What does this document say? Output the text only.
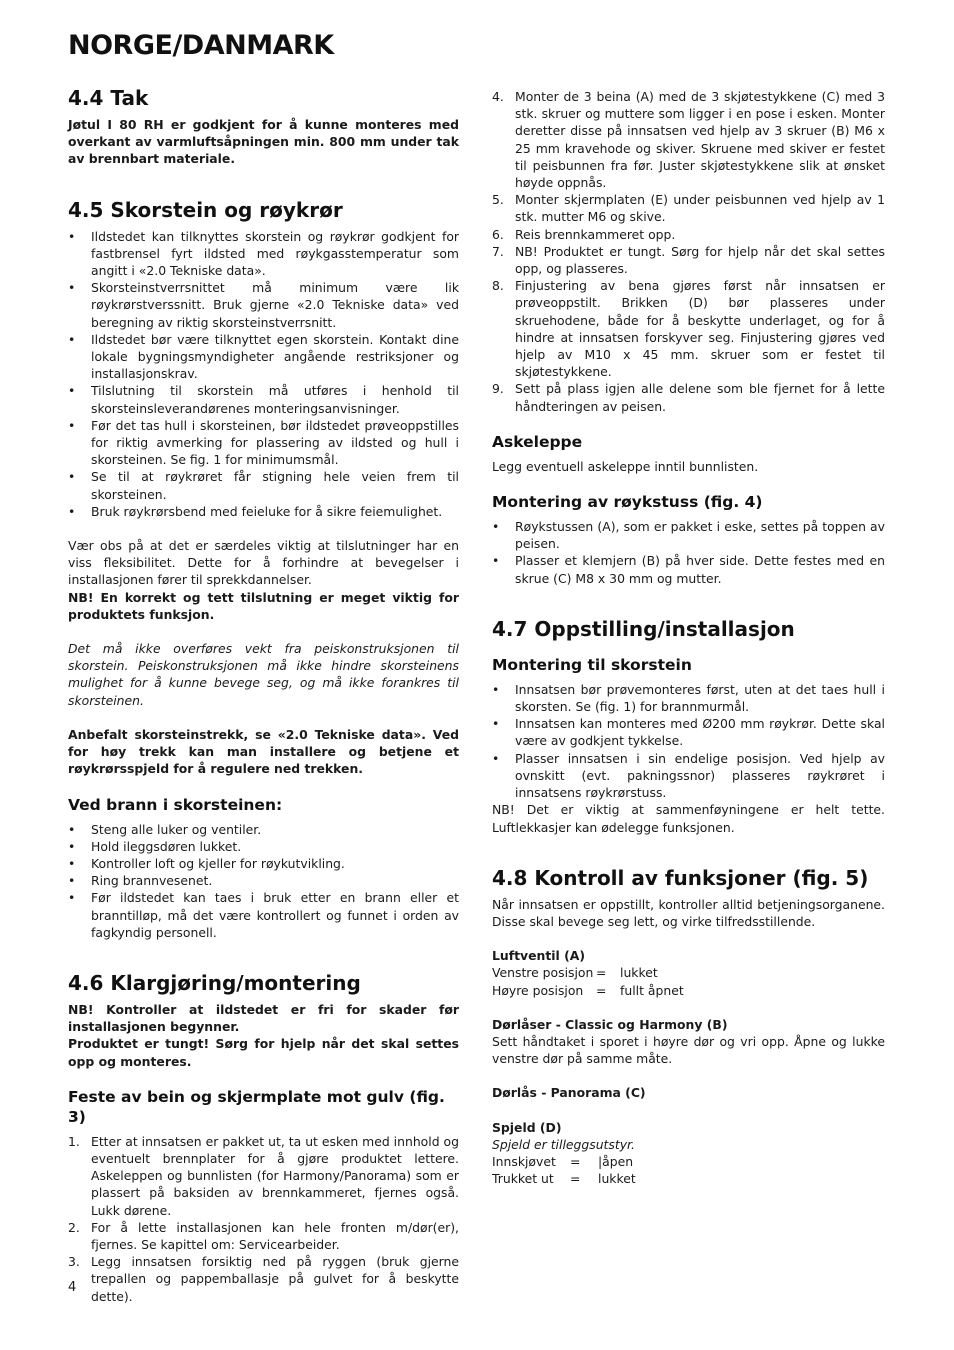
NORGE/DANMARK
4.4 Tak

Jøtul I 80 RH er godkjent for å kunne monteres med overkant av varmluftsåpningen min. 800 mm under tak av brennbart materiale.

4.5 Skorstein og røykrør
• Ildstedet kan tilknyttes skorstein og røykrør godkjent for fastbrensel fyrt ildsted med røykgasstemperatur som angitt i «2.0 Tekniske data».
• Skorsteinstverrsnittet må minimum være lik røykrørstverssnitt. Bruk gjerne «2.0 Tekniske data» ved beregning av riktig skorsteinstverrsnitt.
• Ildstedet bør være tilknyttet egen skorstein. Kontakt dine lokale bygningsmyndigheter angående restriksjoner og installasjonskrav.
• Tilslutning til skorstein må utføres i henhold til skorsteinsleverandørenes monteringsanvisninger.
• Før det tas hull i skorsteinen, bør ildstedet prøveoppstilles for riktig avmerking for plassering av ildsted og hull i skorsteinen. Se fig. 1 for minimumsmål.
• Se til at røykrøret får stigning hele veien frem til skorsteinen.
• Bruk røykrørsbend med feieluke for å sikre feiemulighet.

Vær obs på at det er særdeles viktig at tilslutninger har en viss fleksibilitet. Dette for å forhindre at bevegelser i installasjonen fører til sprekkdannelser.

NB! En korrekt og tett tilslutning er meget viktig for produktets funksjon.

Det må ikke overføres vekt fra peiskonstruksjonen til skorstein. Peiskonstruksjonen må ikke hindre skorsteinens mulighet for å kunne bevege seg, og må ikke forankres til skorsteinen.

Anbefalt skorsteinstrekk, se «2.0 Tekniske data». Ved for høy trekk kan man installere og betjene et røykrørsspjeld for å regulere ned trekken.

Ved brann i skorsteinen:
• Steng alle luker og ventiler.
• Hold ileggsdøren lukket.
• Kontroller loft og kjeller for røykutvikling.
• Ring brannvesenet.
• Før ildstedet kan taes i bruk etter en brann eller et branntilløp, må det være kontrollert og funnet i orden av fagkyndig personell.
4.6 Klargjøring/montering

NB! Kontroller at ildstedet er fri for skader før installasjonen begynner.

Produktet er tungt! Sørg for hjelp når det skal settes opp og monteres.

Feste av bein og skjermplate mot gulv (fig. 3)
1. Etter at innsatsen er pakket ut, ta ut esken med innhold og eventuelt brennplater for å gjøre produktet lettere. Askeleppen og bunnlisten (for Harmony/Panorama) som er plassert på baksiden av brennkammeret, fjernes også. Lukk dørene.
2. For å lette installasjonen kan hele fronten m/dør(er), fjernes. Se kapittel om: Servicearbeider.
3. Legg innsatsen forsiktig ned på ryggen (bruk gjerne trepallen og pappemballasje på gulvet for å beskytte dette).
4. Monter de 3 beina (A) med de 3 skjøtestykkene (C) med 3 stk. skruer og muttere som ligger i en pose i esken. Monter deretter disse på innsatsen ved hjelp av 3 skruer (B) M6 x 25 mm kravehode og skiver. Skruene med skiver er festet til peisbunnen fra før. Juster skjøtestykkene slik at ønsket høyde oppnås.
5. Monter skjermplaten (E) under peisbunnen ved hjelp av 1 stk. mutter M6 og skive.
6. Reis brennkammeret opp.
7. NB! Produktet er tungt. Sørg for hjelp når det skal settes opp, og plasseres.
8. Finjustering av benа gjøres først når innsatsen er prøveoppstilt. Brikken (D) bør plasseres under skruehodene, både for å beskytte underlaget, og for å hindre at innsatsen forskyver seg. Finjustering gjøres ved hjelp av M10 x 45 mm. skruer som er festet til skjøtestykkene.
9. Sett på plass igjen alle delene som ble fjernet for å lette håndteringen av peisen.
Askeleppe

Legg eventuell askeleppe inntil bunnlisten.

Montering av røykstuss (fig. 4)
• Røykstussen (A), som er pakket i eske, settes på toppen av peisen.
• Plasser et klemjern (B) på hver side. Dette festes med en skrue (C) M8 x 30 mm og mutter.
4.7 Oppstilling/installasjon
Montering til skorstein
• Innsatsen bør prøvemonteres først, uten at det taes hull i skorsten. Se (fig. 1) for brannmurmål.
• Innsatsen kan monteres med Ø200 mm røykrør. Dette skal være av godkjent tykkelse.
• Plasser innsatsen i sin endelige posisjon. Ved hjelp av ovnskitt (evt. pakningssnor) plasseres røykrøret i innsatsens røykrørstuss.

NB! Det er viktig at sammenføyningene er helt tette. Luftlekkasjer kan ødelegge funksjonen.

4.8 Kontroll av funksjoner (fig. 5)

Når innsatsen er oppstillt, kontroller alltid betjeningsorganene. Disse skal bevege seg lett, og virke tilfredsstillende.

Luftventil (A)

Venstre posisjon =	lukket
Høyre posisjon	=	fullt åpnet

Dørlåser - Classic og Harmony (B)

Sett håndtaket i sporet i høyre dør og vri opp. Åpne og lukke venstre dør på samme måte.

Dørlås - Panorama (C)

Spjeld (D)

Spjeld er tilleggsutstyr.

Innskjøvet	=	|åpen
Trukket ut	=	lukket
4
